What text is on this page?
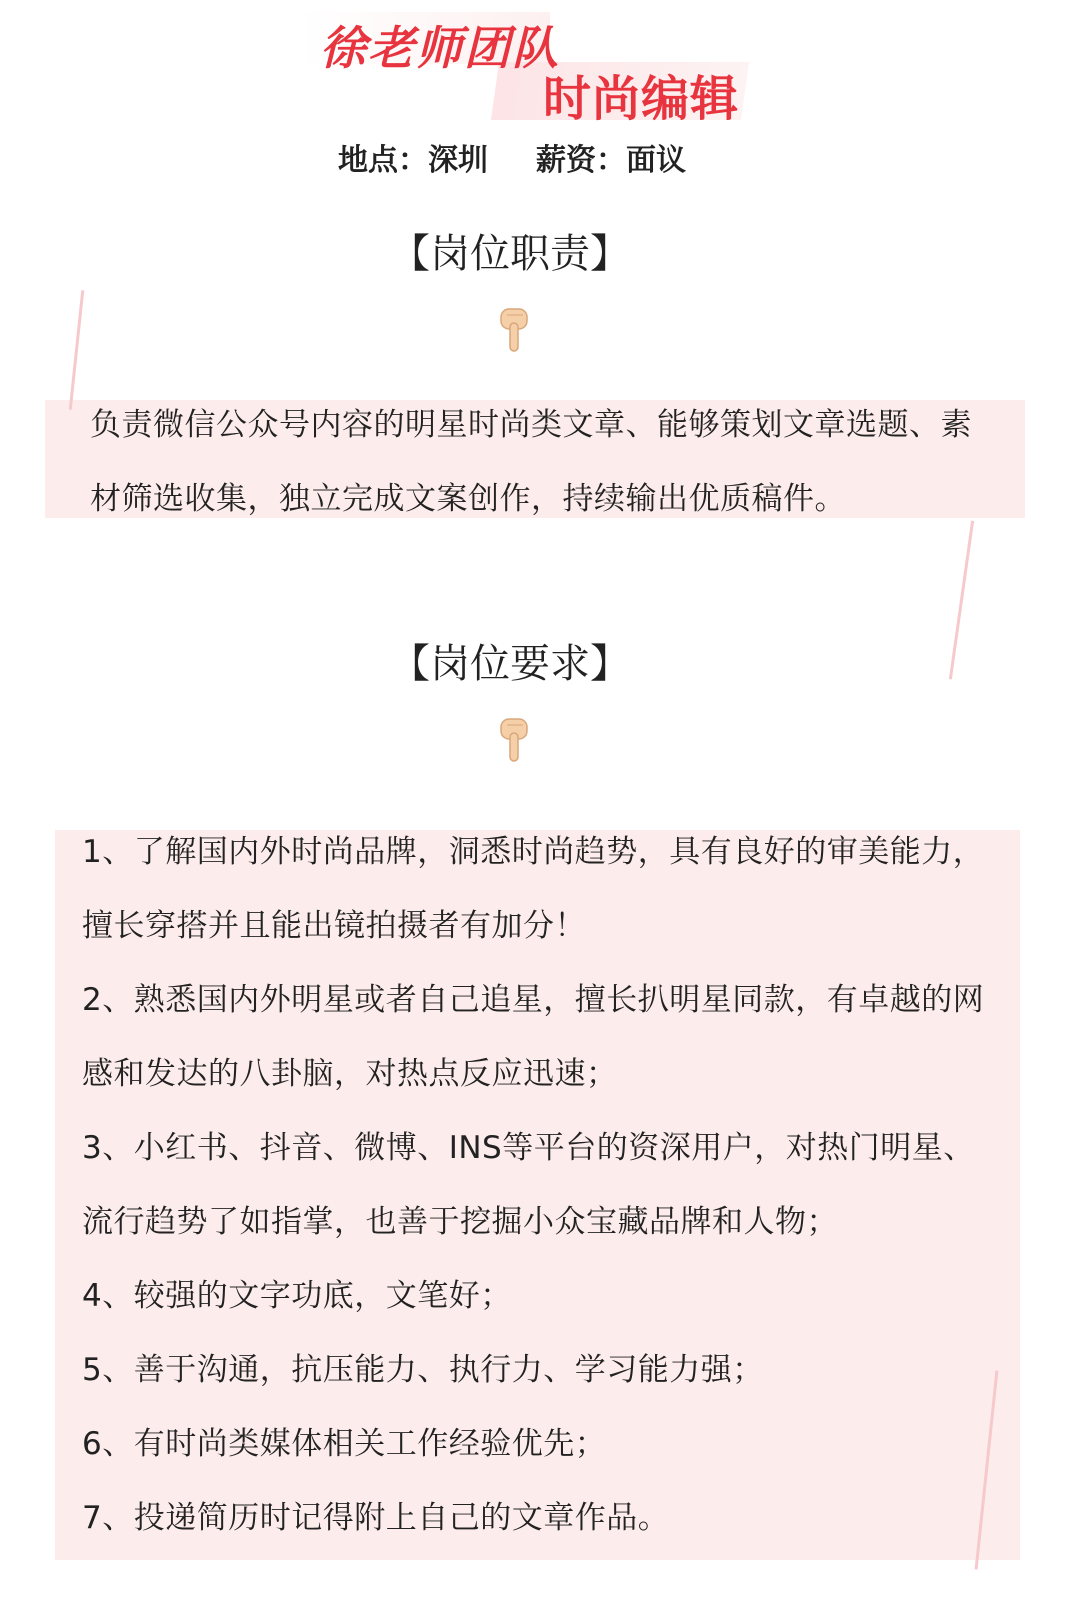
徐老师团队
时尚编辑
地点：深圳 薪资：面议
【岗位职责】
负责微信公众号内容的明星时尚类文章、能够策划文章选题、素材筛选收集，独立完成文案创作，持续输出优质稿件。
【岗位要求】
1、了解国内外时尚品牌，洞悉时尚趋势，具有良好的审美能力，擅长穿搭并且能出镜拍摄者有加分！
2、熟悉国内外明星或者自己追星，擅长扒明星同款，有卓越的网感和发达的八卦脑，对热点反应迅速；
3、小红书、抖音、微博、INS等平台的资深用户，对热门明星、流行趋势了如指掌，也善于挖掘小众宝藏品牌和人物；
4、较强的文字功底，文笔好；
5、善于沟通，抗压能力、执行力、学习能力强；
6、有时尚类媒体相关工作经验优先；
7、投递简历时记得附上自己的文章作品。
